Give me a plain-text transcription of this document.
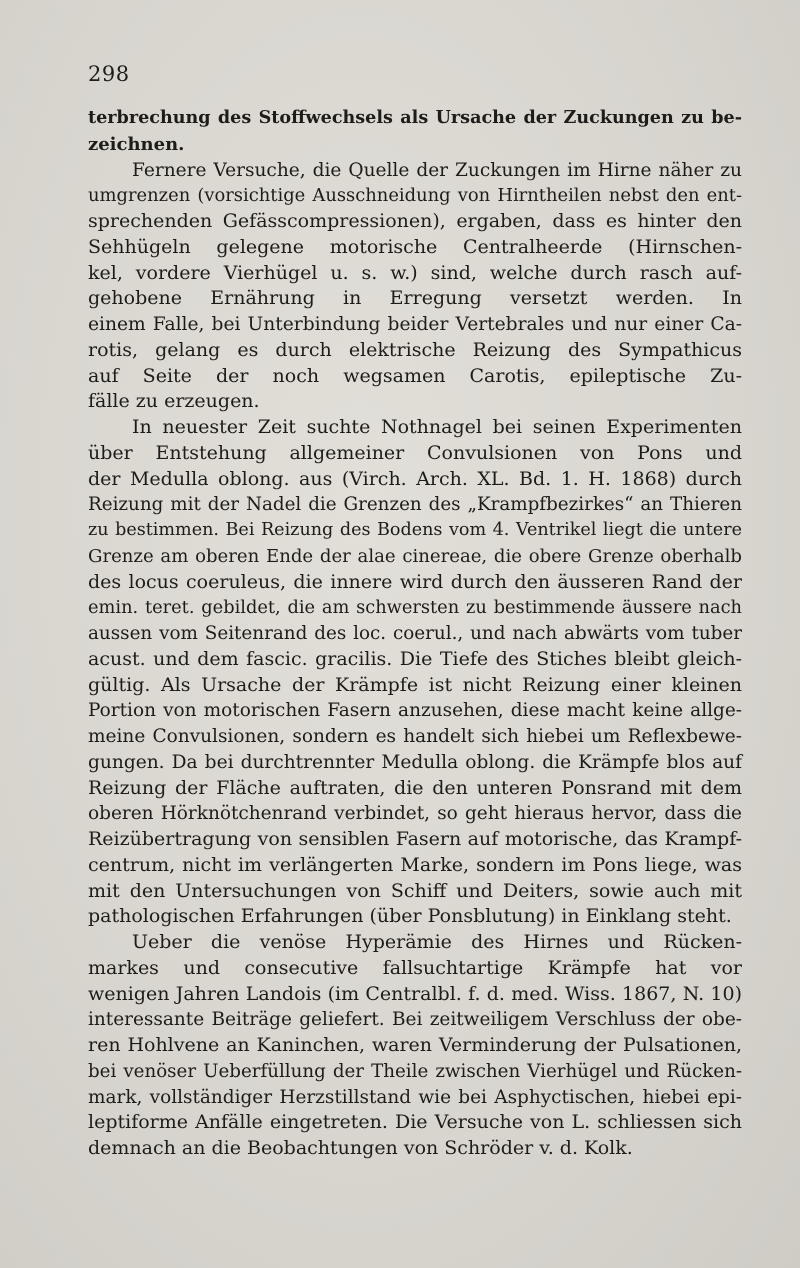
298
terbrechung des Stoffwechsels als Ursache der Zuckungen zu be-
zeichnen.
Fernere Versuche, die Quelle der Zuckungen im Hirne näher zu
umgrenzen (vorsichtige Ausschneidung von Hirntheilen nebst den ent-
sprechenden Gefässcompressionen), ergaben, dass es hinter den
Sehhügeln gelegene motorische Centralheerde (Hirnschen-
kel, vordere Vierhügel u. s. w.) sind, welche durch rasch auf-
gehobene Ernährung in Erregung versetzt werden. In
einem Falle, bei Unterbindung beider Vertebrales und nur einer Ca-
rotis, gelang es durch elektrische Reizung des Sympathicus
auf Seite der noch wegsamen Carotis, epileptische Zu-
fälle zu erzeugen.
In neuester Zeit suchte Nothnagel bei seinen Experimenten
über Entstehung allgemeiner Convulsionen von Pons und
der Medulla oblong. aus (Virch. Arch. XL. Bd. 1. H. 1868) durch
Reizung mit der Nadel die Grenzen des „Krampfbezirkes“ an Thieren
zu bestimmen. Bei Reizung des Bodens vom 4. Ventrikel liegt die untere
Grenze am oberen Ende der alae cinereae, die obere Grenze oberhalb
des locus coeruleus, die innere wird durch den äusseren Rand der
emin. teret. gebildet, die am schwersten zu bestimmende äussere nach
aussen vom Seitenrand des loc. coerul., und nach abwärts vom tuber
acust. und dem fascic. gracilis. Die Tiefe des Stiches bleibt gleich-
gültig. Als Ursache der Krämpfe ist nicht Reizung einer kleinen
Portion von motorischen Fasern anzusehen, diese macht keine allge-
meine Convulsionen, sondern es handelt sich hiebei um Reflexbewe-
gungen. Da bei durchtrennter Medulla oblong. die Krämpfe blos auf
Reizung der Fläche auftraten, die den unteren Ponsrand mit dem
oberen Hörknötchenrand verbindet, so geht hieraus hervor, dass die
Reizübertragung von sensiblen Fasern auf motorische, das Krampf-
centrum, nicht im verlängerten Marke, sondern im Pons liege, was
mit den Untersuchungen von Schiff und Deiters, sowie auch mit
pathologischen Erfahrungen (über Ponsblutung) in Einklang steht.
Ueber die venöse Hyperämie des Hirnes und Rücken-
markes und consecutive fallsuchtartige Krämpfe hat vor
wenigen Jahren Landois (im Centralbl. f. d. med. Wiss. 1867, N. 10)
interessante Beiträge geliefert. Bei zeitweiligem Verschluss der obe-
ren Hohlvene an Kaninchen, waren Verminderung der Pulsationen,
bei venöser Ueberfüllung der Theile zwischen Vierhügel und Rücken-
mark, vollständiger Herzstillstand wie bei Asphyctischen, hiebei epi-
leptiforme Anfälle eingetreten. Die Versuche von L. schliessen sich
demnach an die Beobachtungen von Schröder v. d. Kolk.
